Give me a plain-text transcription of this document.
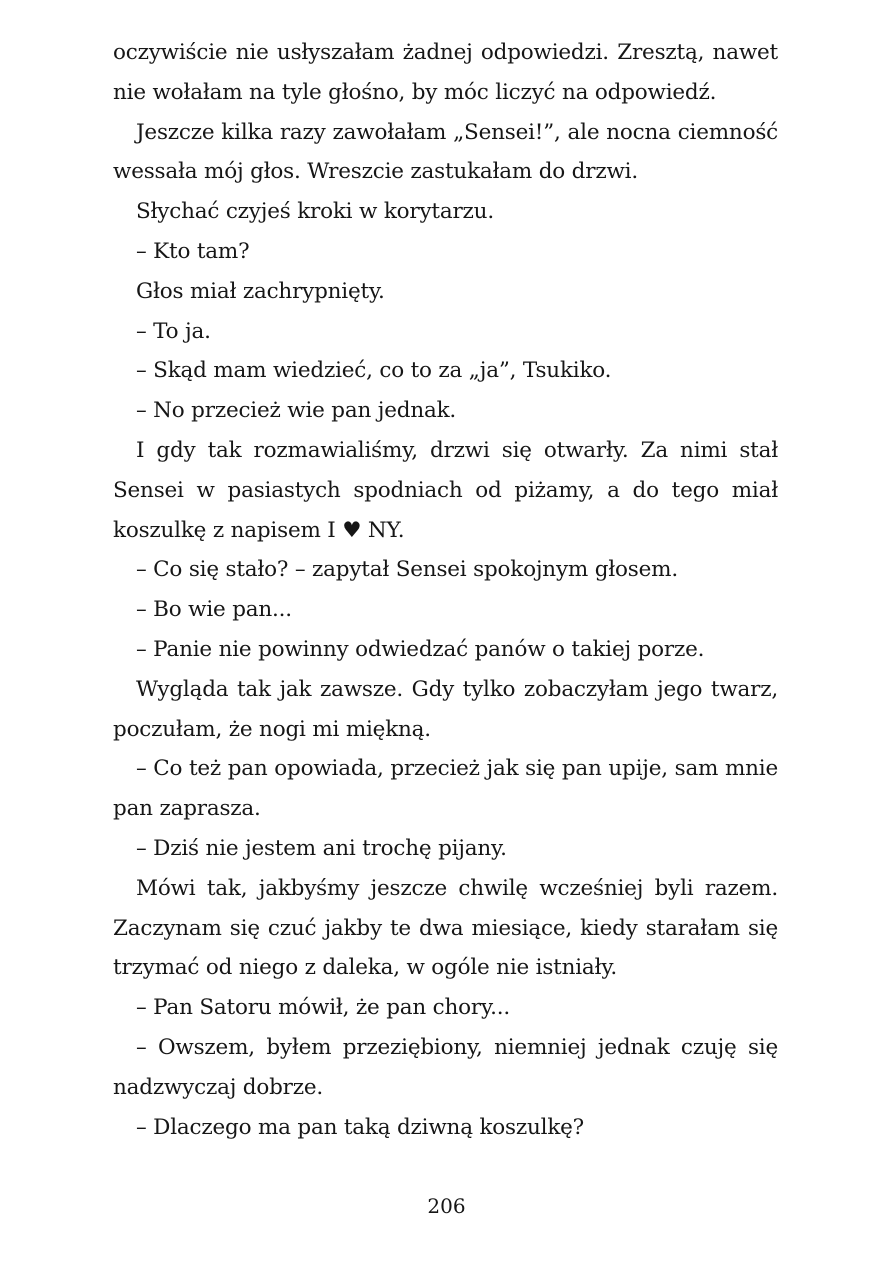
oczywiście nie usłyszałam żadnej odpowiedzi. Zresztą, nawet nie wołałam na tyle głośno, by móc liczyć na odpowiedź.

Jeszcze kilka razy zawołałam „Sensei!”, ale nocna ciemność wessała mój głos. Wreszcie zastukałam do drzwi.

Słychać czyjeś kroki w korytarzu.

– Kto tam?

Głos miał zachrypnięty.

– To ja.

– Skąd mam wiedzieć, co to za „ja”, Tsukiko.

– No przecież wie pan jednak.

I gdy tak rozmawialiśmy, drzwi się otwarły. Za nimi stał Sensei w pasiastych spodniach od piżamy, a do tego miał koszulkę z napisem I ♥ NY.

– Co się stało? – zapytał Sensei spokojnym głosem.

– Bo wie pan...

– Panie nie powinny odwiedzać panów o takiej porze.

Wygląda tak jak zawsze. Gdy tylko zobaczyłam jego twarz, poczułam, że nogi mi miękną.

– Co też pan opowiada, przecież jak się pan upije, sam mnie pan zaprasza.

– Dziś nie jestem ani trochę pijany.

Mówi tak, jakbyśmy jeszcze chwilę wcześniej byli razem. Zaczynam się czuć jakby te dwa miesiące, kiedy starałam się trzymać od niego z daleka, w ogóle nie istniały.

– Pan Satoru mówił, że pan chory...

– Owszem, byłem przeziębiony, niemniej jednak czuję się nadzwyczaj dobrze.

– Dlaczego ma pan taką dziwną koszulkę?

206
